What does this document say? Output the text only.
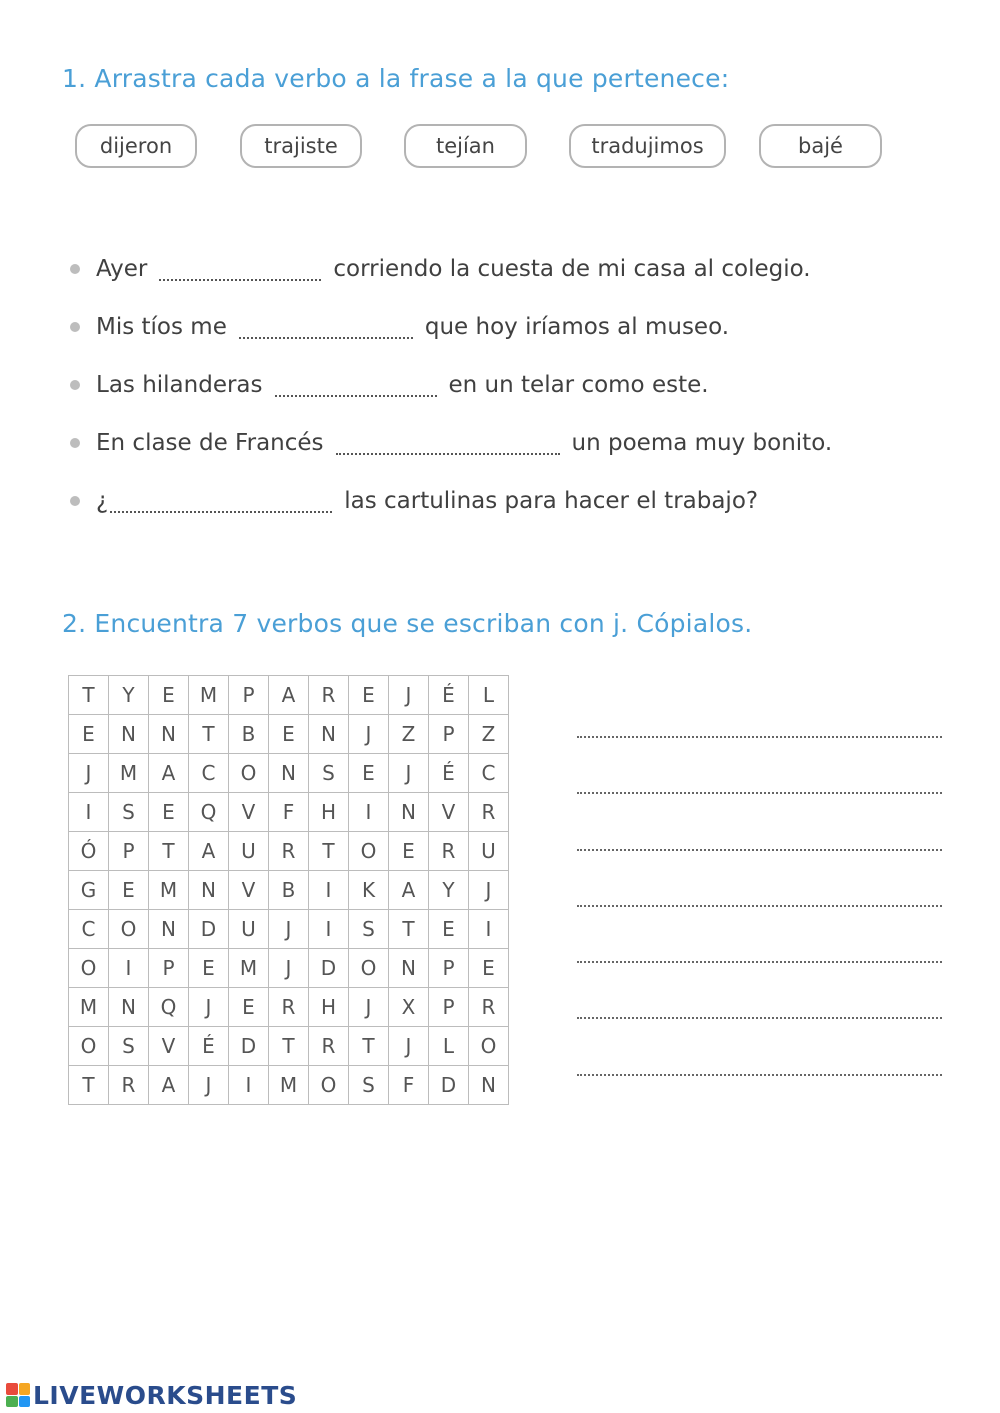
1. Arrastra cada verbo a la frase a la que pertenece:
dijeron	trajiste	tejían	tradujimos	bajé
Ayer	corriendo la cuesta de mi casa al colegio.
Mis tíos me	que hoy iríamos al museo.
Las hilanderas	en un telar como este.
En clase de Francés	un poema muy bonito.
¿	las cartulinas para hacer el trabajo?
2. Encuentra 7 verbos que se escriban con j. Cópialos.
T	Y	E	M	P	A	R	E	J	É	L
E	N	N	T	B	E	N	J	Z	P	Z
J	M	A	C	O	N	S	E	J	É	C
I	S	E	Q	V	F	H	I	N	V	R
Ó	P	T	A	U	R	T	O	E	R	U
G	E	M	N	V	B	I	K	A	Y	J
C	O	N	D	U	J	I	S	T	E	I
O	I	P	E	M	J	D	O	N	P	E
M	N	Q	J	E	R	H	J	X	P	R
O	S	V	É	D	T	R	T	J	L	O
T	R	A	J	I	M	O	S	F	D	N
LIVEWORKSHEETS
